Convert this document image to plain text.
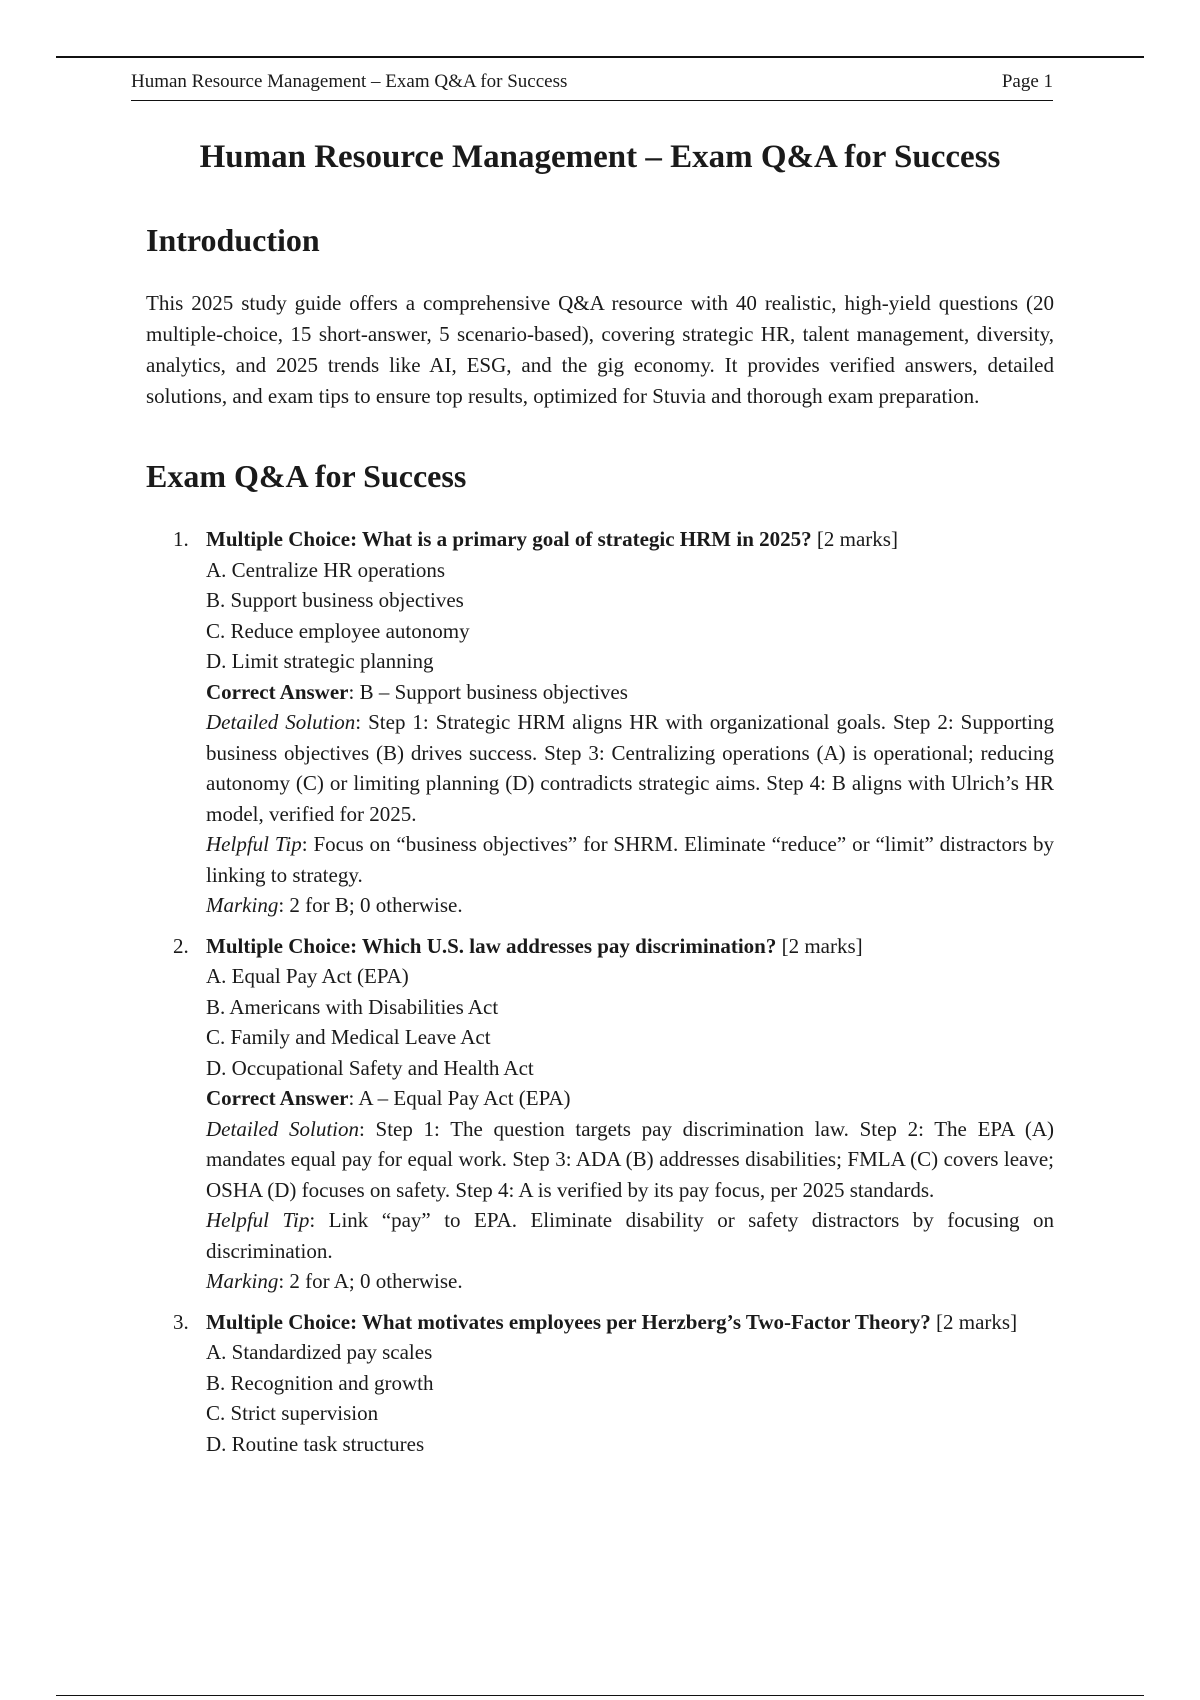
Human Resource Management – Exam Q&A for Success	Page 1
Human Resource Management – Exam Q&A for Success
Introduction

This 2025 study guide offers a comprehensive Q&A resource with 40 realistic, high-yield questions (20 multiple-choice, 15 short-answer, 5 scenario-based), covering strategic HR, talent management, diversity, analytics, and 2025 trends like AI, ESG, and the gig economy. It provides verified answers, detailed solutions, and exam tips to ensure top results, optimized for Stuvia and thorough exam preparation.

Exam Q&A for Success
1. Multiple Choice: What is a primary goal of strategic HRM in 2025? [2 marks]
A. Centralize HR operations
B. Support business objectives
C. Reduce employee autonomy
D. Limit strategic planning
Correct Answer: B – Support business objectives
Detailed Solution: Step 1: Strategic HRM aligns HR with organizational goals. Step 2: Supporting business objectives (B) drives success. Step 3: Centralizing operations (A) is operational; reducing autonomy (C) or limiting planning (D) contradicts strategic aims. Step 4: B aligns with Ulrich’s HR model, verified for 2025.
Helpful Tip: Focus on “business objectives” for SHRM. Eliminate “reduce” or “limit” distractors by linking to strategy.
Marking: 2 for B; 0 otherwise.
2. Multiple Choice: Which U.S. law addresses pay discrimination? [2 marks]
A. Equal Pay Act (EPA)
B. Americans with Disabilities Act
C. Family and Medical Leave Act
D. Occupational Safety and Health Act
Correct Answer: A – Equal Pay Act (EPA)
Detailed Solution: Step 1: The question targets pay discrimination law. Step 2: The EPA (A) mandates equal pay for equal work. Step 3: ADA (B) addresses disabilities; FMLA (C) covers leave; OSHA (D) focuses on safety. Step 4: A is verified by its pay focus, per 2025 standards.
Helpful Tip: Link “pay” to EPA. Eliminate disability or safety distractors by focusing on discrimination.
Marking: 2 for A; 0 otherwise.
3. Multiple Choice: What motivates employees per Herzberg’s Two-Factor Theory? [2 marks]
A. Standardized pay scales
B. Recognition and growth
C. Strict supervision
D. Routine task structures
